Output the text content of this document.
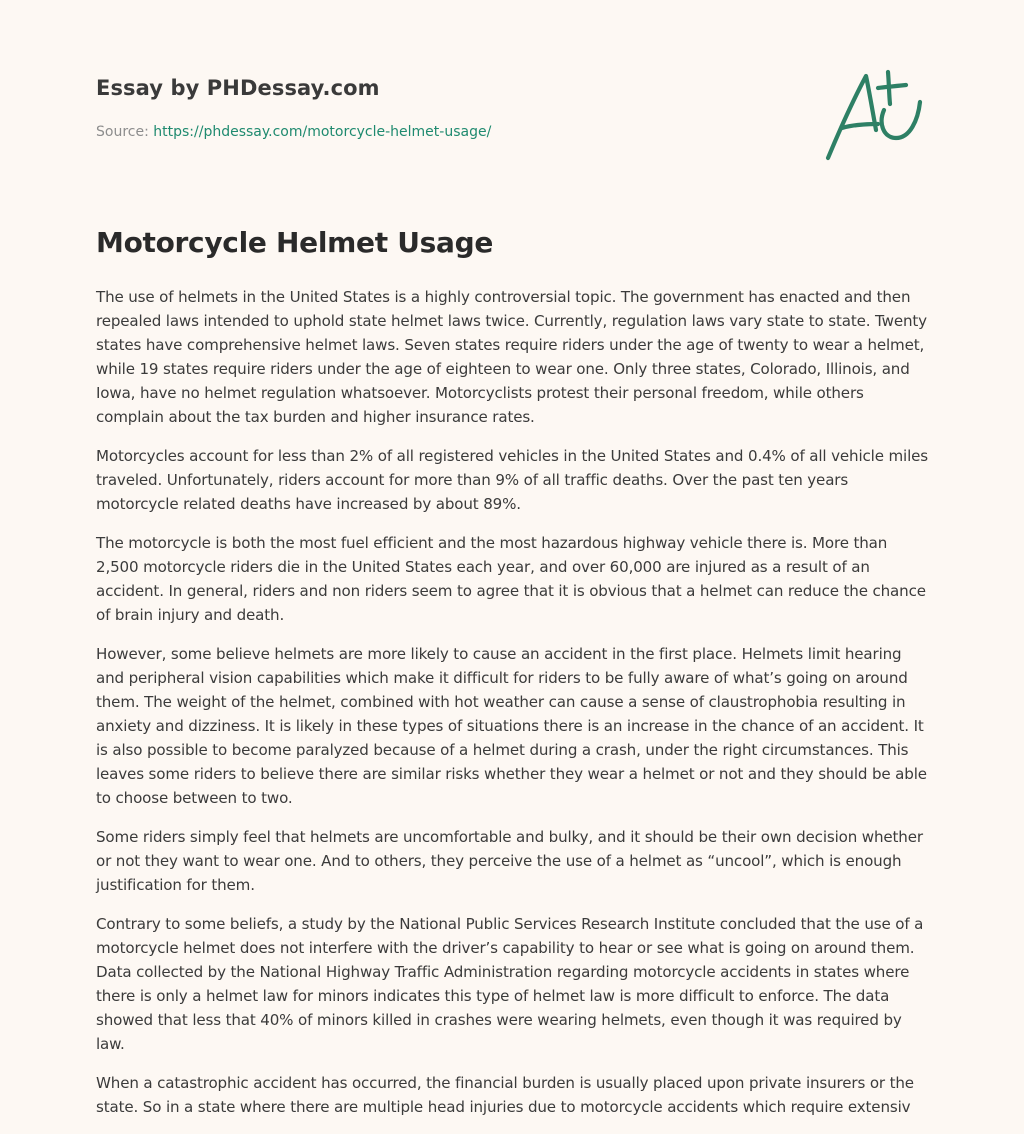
Essay by PHDessay.com
Source: https://phdessay.com/motorcycle-helmet-usage/
Motorcycle Helmet Usage

The use of helmets in the United States is a highly controversial topic. The government has enacted and then repealed laws intended to uphold state helmet laws twice. Currently, regulation laws vary state to state. Twenty states have comprehensive helmet laws. Seven states require riders under the age of twenty to wear a helmet, while 19 states require riders under the age of eighteen to wear one. Only three states, Colorado, Illinois, and Iowa, have no helmet regulation whatsoever. Motorcyclists protest their personal freedom, while others complain about the tax burden and higher insurance rates.

Motorcycles account for less than 2% of all registered vehicles in the United States and 0.4% of all vehicle miles traveled. Unfortunately, riders account for more than 9% of all traffic deaths. Over the past ten years motorcycle related deaths have increased by about 89%.

The motorcycle is both the most fuel efficient and the most hazardous highway vehicle there is. More than 2,500 motorcycle riders die in the United States each year, and over 60,000 are injured as a result of an accident. In general, riders and non riders seem to agree that it is obvious that a helmet can reduce the chance of brain injury and death.

However, some believe helmets are more likely to cause an accident in the first place. Helmets limit hearing and peripheral vision capabilities which make it difficult for riders to be fully aware of what’s going on around them. The weight of the helmet, combined with hot weather can cause a sense of claustrophobia resulting in anxiety and dizziness. It is likely in these types of situations there is an increase in the chance of an accident. It is also possible to become paralyzed because of a helmet during a crash, under the right circumstances. This leaves some riders to believe there are similar risks whether they wear a helmet or not and they should be able to choose between to two.

Some riders simply feel that helmets are uncomfortable and bulky, and it should be their own decision whether or not they want to wear one. And to others, they perceive the use of a helmet as “uncool”, which is enough justification for them.

Contrary to some beliefs, a study by the National Public Services Research Institute concluded that the use of a motorcycle helmet does not interfere with the driver’s capability to hear or see what is going on around them. Data collected by the National Highway Traffic Administration regarding motorcycle accidents in states where there is only a helmet law for minors indicates this type of helmet law is more difficult to enforce. The data showed that less that 40% of minors killed in crashes were wearing helmets, even though it was required by law.

When a catastrophic accident has occurred, the financial burden is usually placed upon private insurers or the state. So in a state where there are multiple head injuries due to motorcycle accidents which require extensiv
